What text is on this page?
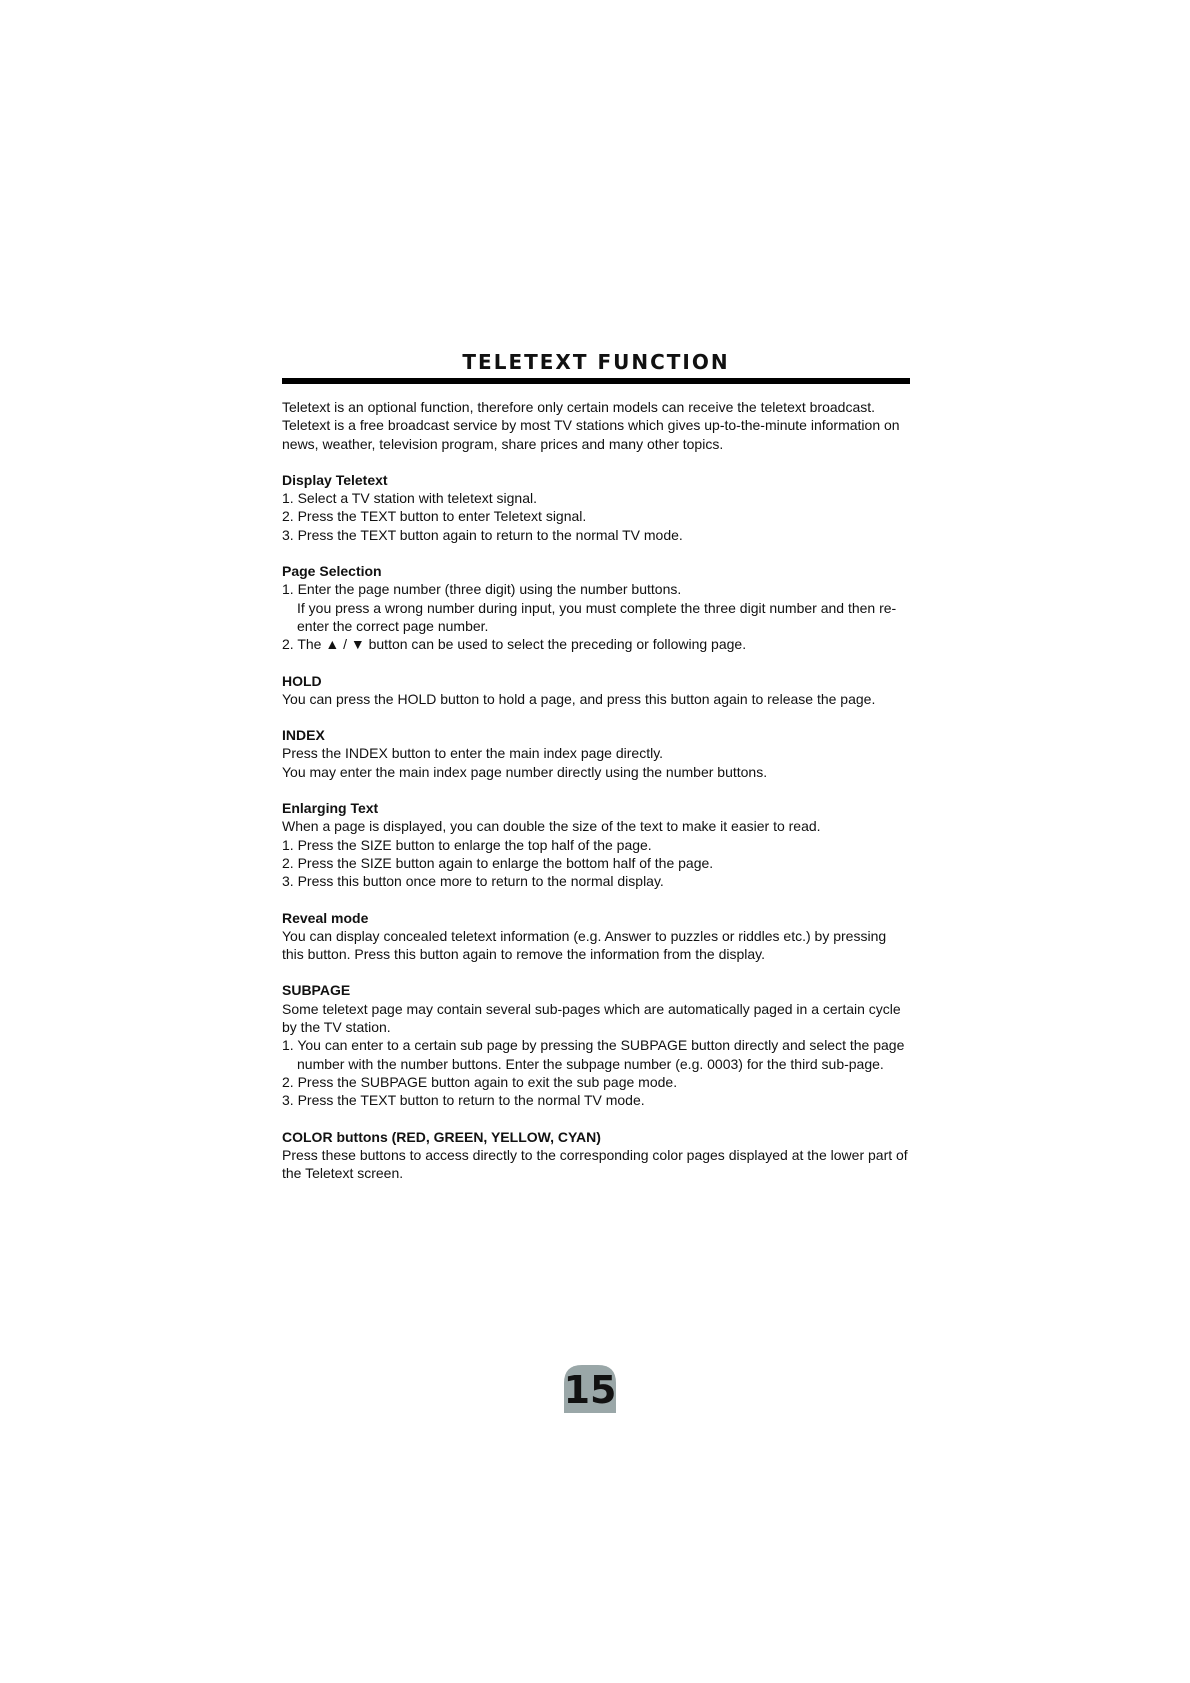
TELETEXT FUNCTION

Teletext is an optional function, therefore only certain models can receive the teletext broadcast.

Teletext is a free broadcast service by most TV stations which gives up-to-the-minute information on news, weather, television program, share prices and many other topics.

Display Teletext

1. Select a TV station with teletext signal.
2. Press the TEXT button to enter Teletext signal.
3. Press the TEXT button again to return to the normal TV mode.

Page Selection

1. Enter the page number (three digit) using the number buttons.
If you press a wrong number during input, you must complete the three digit number and then re-enter the correct page number.
2. The ▲ / ▼ button can be used to select the preceding or following page.

HOLD

You can press the HOLD button to hold a page, and press this button again to release the page.

INDEX

Press the INDEX button to enter the main index page directly.

You may enter the main index page number directly using the number buttons.

Enlarging Text

When a page is displayed, you can double the size of the text to make it easier to read.

1. Press the SIZE button to enlarge the top half of the page.
2. Press the SIZE button again to enlarge the bottom half of the page.
3. Press this button once more to return to the normal display.

Reveal mode

You can display concealed teletext information (e.g. Answer to puzzles or riddles etc.) by pressing this button. Press this button again to remove the information from the display.

SUBPAGE

Some teletext page may contain several sub-pages which are automatically paged in a certain cycle by the TV station.

1. You can enter to a certain sub page by pressing the SUBPAGE button directly and select the page number with the number buttons. Enter the subpage number (e.g. 0003) for the third sub-page.
2. Press the SUBPAGE button again to exit the sub page mode.
3. Press the TEXT button to return to the normal TV mode.

COLOR buttons (RED, GREEN, YELLOW, CYAN)

Press these buttons to access directly to the corresponding color pages displayed at the lower part of the Teletext screen.

15
